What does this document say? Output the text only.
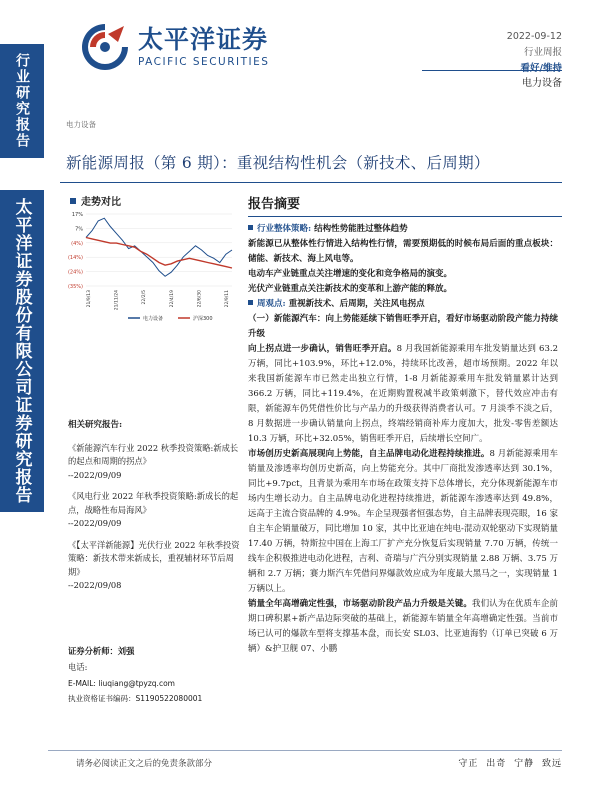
行业研究报告
太平洋证券股份有限公司证券研究报告
太平洋证券
PACIFIC SECURITIES
2022-09-12
行业周报
看好/维持
电力设备
电力设备
新能源周报（第 6 期）：重视结构性机会（新技术、后周期）
走势对比
17%
7%
(4%)
(14%)
(24%)
(35%)
21/9/13	21/11/24	22/2/5	22/4/19	22/6/30	22/9/11
电力设备	沪深300
相关研究报告:
《新能源汽车行业 2022 秋季投资策略:新成长的起点和周期的拐点》
--2022/09/09
《风电行业 2022 年秋季投资策略:新成长的起点，战略性布局海风》
--2022/09/09
《【太平洋新能源】光伏行业 2022 年秋季投资策略：新技术带来新成长，重视辅材环节后周期》
--2022/09/08
证券分析师：刘强
电话:
E-MAIL: liuqiang@tpyzq.com
执业资格证书编码：S1190522080001
报告摘要

行业整体策略: 结构性势能胜过整体趋势

新能源已从整体性行情进入结构性行情，需要预期低的时候布局后面的重点板块：储能、新技术、海上风电等。

电动车产业链重点关注增速的变化和竞争格局的演变。

光伏产业链重点关注新技术的变革和上游产能的释放。

周观点: 重视新技术、后周期，关注风电拐点

（一）新能源汽车：向上势能延续下销售旺季开启，看好市场驱动阶段产能力持续升级

向上拐点进一步确认，销售旺季开启。8 月我国新能源乘用车批发销量达到 63.2 万辆，同比+103.9%，环比+12.0%，持续环比改善，超市场预期。2022 年以来我国新能源车市已然走出独立行情，1-8 月新能源乘用车批发销量累计达到 366.2 万辆，同比+119.4%，在近期购置税减半政策刺激下，替代效应冲击有限，新能源车仍凭借性价比与产品力的升级获得消费者认可。7 月淡季不淡之后，8 月数据进一步确认销量向上拐点，终端经销商补库力度加大，批发-零售差额达 10.3 万辆，环比+32.05%，销售旺季开启，后续增长空间广。

市场创历史新高展现向上势能，自主品牌电动化进程持续推进。8 月新能源乘用车销量及渗透率均创历史新高，向上势能充分。其中厂商批发渗透率达到 30.1%，同比+9.7pct，且背景为乘用车市场在政策支持下总体增长，充分体现新能源车市场内生增长动力。自主品牌电动化进程持续推进，新能源车渗透率达到 49.8%，远高于主流合资品牌的 4.9%。车企呈现强者恒强态势，自主品牌表现亮眼，16 家自主车企销量破万，同比增加 10 家，其中比亚迪在纯电-混动双轮驱动下实现销量 17.40 万辆，特斯拉中国在上海工厂扩产充分恢复后实现销量 7.70 万辆，传统一线车企积极推进电动化进程，吉利、奇瑞与广汽分别实现销量 2.88 万辆、3.75 万辆和 2.7 万辆；赛力斯汽车凭借问界爆款效应成为年度最大黑马之一，实现销量 1 万辆以上。

销量全年高增确定性强，市场驱动阶段产品力升级是关键。我们认为在优质车企前期口碑积累+新产品边际突破的基础上，新能源车销量全年高增确定性强。当前市场已认可的爆款车型将支撑基本盘，而长安 SL03、比亚迪海豹（订单已突破 6 万辆）&护卫舰 07、小鹏

请务必阅读正文之后的免责条款部分	守正 出奇 宁静 致远
